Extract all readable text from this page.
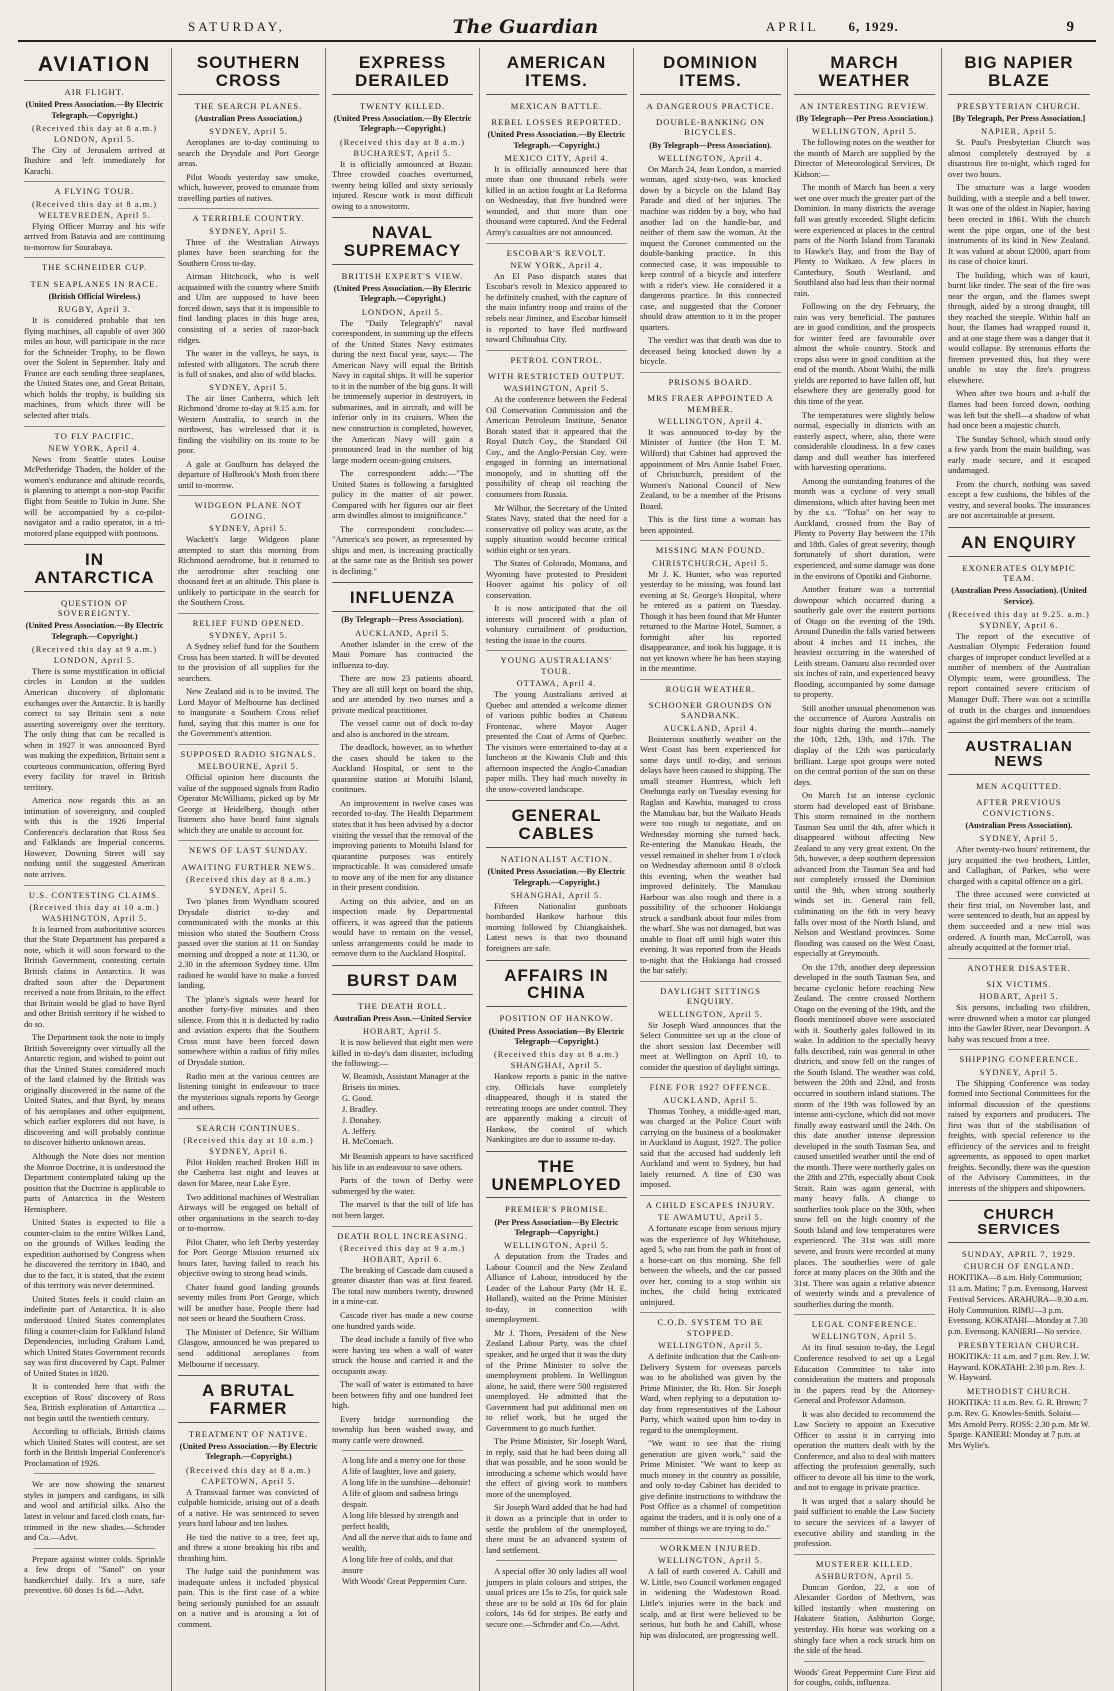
SATURDAY,	The Guardian	APRIL 6, 1929.	9
AVIATION
AIR FLIGHT.
(United Press Association.—By Electric Telegraph.—Copyright.)
(Received this day at 8 a.m.)
LONDON, April 5.

The City of Jerusalem arrived at Bushire and left immediately for Karachi.

A FLYING TOUR.
(Received this day at 8 a.m.)
WELTEVREDEN, April 5.

Flying Officer Murray and his wife arrived from Batavia and are continuing to-morrow for Sourabaya.

THE SCHNEIDER CUP.
TEN SEAPLANES IN RACE.
(British Official Wireless.)
RUGBY, April 3.

It is considered probable that ten flying machines, all capable of over 300 miles an hour, will participate in the race for the Schneider Trophy, to be flown over the Solent in September. Italy and France are each sending three seaplanes, the United States one, and Great Britain, which holds the trophy, is building six machines, from which three will be selected after trials.

TO FLY PACIFIC.
NEW YORK, April 4.

News from Seattle states Louise McPetheridge Thaden, the holder of the women's endurance and altitude records, is planning to attempt a non-stop Pacific flight from Seattle to Tokio in June. She will be accompanied by a co-pilot-navigator and a radio operator, in a tri-motored plane equipped with pontoons.

IN ANTARCTICA
QUESTION OF SOVEREIGNTY.
(United Press Association.—By Electric Telegraph.—Copyright.)
(Received this day at 9 a.m.)
LONDON, April 5.

There is some mystification in official circles in London at the sudden American discovery of diplomatic exchanges over the Antarctic. It is hardly correct to say Britain sent a note asserting sovereignty over the territory. The only thing that can be recalled is when in 1927 it was announced Byrd was making the expedition, Britain sent a courteous communication, offering Byrd every facility for travel in British territory.

America now regards this as an intimation of sovereignty, and coupled with this is the 1926 Imperial Conference's declaration that Ross Sea and Falklands are Imperial concerns. However, Downing Street will say nothing until the suggested American note arrives.

U.S. CONTESTING CLAIMS.
(Received this day at 10 a.m.)
WASHINGTON, April 5.

It is learned from authoritative sources that the State Department has prepared a note, which it will soon forward to the British Government, contesting certain British claims in Antarctica. It was drafted soon after the Department received a note from Britain, to the effect that Britain would be glad to have Byrd and other British territory if he wished to do so.

The Department took the note to imply British Sovereignty over virtually all the Antarctic region, and wished to point out that the United States considered much of the land claimed by the British was originally discovered in the name of the United States, and that Byrd, by means of his aeroplanes and other equipment, which earlier explorers did not have, is discovering and will probably continue to discover hitherto unknown areas.

Although the Note does not mention the Monroe Doctrine, it is understood the Department contemplated taking up the position that the Doctrine is applicable to parts of Antarctica in the Western Hemisphere.

United States is expected to file a counter-claim to the entire Wilkes Land, on the grounds of Wilkes leading the expedition authorised by Congress when he discovered the territory in 1840, and due to the fact, it is stated, that the extent of this territory was never determined.

United States feels it could claim an indefinite part of Antarctica. It is also understood United States contemplates filing a counter-claim for Falkland Island Dependencies, including Graham Land, which United States Government records say was first discovered by Capt. Palmer of United States in 1820.

It is contended here that with the exception of Ross' discovery of Ross Sea, British exploration of Antarctica ... not begin until the twentieth century.

According to officials, British claims which United States will contest, are set forth in the British Imperial Conference's Proclamation of 1926.

We are now showing the smartest styles in jumpers and cardigans, in silk and wool and artificial silks. Also the latest in velour and faced cloth coats, fur-trimmed in the new shades.—Schroder and Co.—Advt.

Prepare against winter colds. Sprinkle a few drops of "Sanol" on your handkerchief daily. It's a sure, safe preventive. 60 doses 1s 6d.—Advt.

SOUTHERN CROSS
THE SEARCH PLANES.
(Australian Press Association.)
SYDNEY, April 5.

Aeroplanes are to-day continuing to search the Drysdale and Port George areas.

Pilot Woods yesterday saw smoke, which, however, proved to emanate from travelling parties of natives.

A TERRIBLE COUNTRY.
SYDNEY, April 5.

Three of the Westralian Airways planes have been searching for the Southern Cross to-day.

Airman Hitchcock, who is well acquainted with the country where Smith and Ulm are supposed to have been forced down, says that it is impossible to find landing places in this huge area, consisting of a series of razor-back ridges.

The water in the valleys, he says, is infested with alligators. The scrub there is full of snakes, and also of wild blacks.

SYDNEY, April 5.

The air liner Canberra, which left Richmond 'drome to-day at 9.15 a.m. for Western Australia, to search in the northwest, has wirelessed that it is finding the visibility on its route to be poor.

A gale at Goulburn has delayed the departure of Holbrook's Moth from there until to-morrow.

WIDGEON PLANE NOT GOING.
SYDNEY, April 5.

Wackett's large Widgeon plane attempted to start this morning from Richmond aerodrome, but it returned to the aerodrome after reaching one thousand feet at an altitude. This plane is unlikely to participate in the search for the Southern Cross.

RELIEF FUND OPENED.
SYDNEY, April 5.

A Sydney relief fund for the Southern Cross has been started. It will be devoted to the provision of all supplies for the searchers.

New Zealand aid is to be invited. The Lord Mayor of Melbourne has declined to inaugurate a Southern Cross relief fund, saying that this matter is one for the Government's attention.

SUPPOSED RADIO SIGNALS.
MELBOURNE, April 5.

Official opinion here discounts the value of the supposed signals from Radio Operator McWilliams, picked up by Mr George at Heidelberg, though other listeners also have heard faint signals which they are unable to account for.

NEWS OF LAST SUNDAY.
AWAITING FURTHER NEWS.
(Received this day at 8 a.m.)
SYDNEY, April 5.

Two 'planes from Wyndham scoured Drysdale district to-day and communicated with the monks at this mission who stated the Southern Cross passed over the station at 11 on Sunday morning and dropped a note at 11.30, or 2.30 in the afternoon Sydney time. Ulm radioed he would have to make a forced landing.

The 'plane's signals were heard for another forty-five minutes and then silence. From this it is deducted by radio and aviation experts that the Southern Cross must have been forced down somewhere within a radius of fifty miles of Drysdale station.

Radio men at the various centres are listening tonight in endeavour to trace the mysterious signals reports by George and others.

SEARCH CONTINUES.
(Received this day at 10 a.m.)
SYDNEY, April 6.

Pilot Holden reached Broken Hill in the Canberra last night and leaves at dawn for Maree, near Lake Eyre.

Two additional machines of Westralian Airways will be engaged on behalf of other organisations in the search to-day or to-morrow.

Pilot Chater, who left Derby yesterday for Port George Mission returned six hours later, having failed to reach his objective owing to strong head winds.

Chater found good landing grounds seventy miles from Port George, which will be another base. People there had not seen or heard the Southern Cross.

The Minister of Defence, Sir William Glasgow, announced he was prepared to send additional aeroplanes from Melbourne if necessary.

A BRUTAL FARMER
TREATMENT OF NATIVE.
(United Press Association.—By Electric Telegraph.—Copyright.)
(Received this day at 8 a.m.)
CAPETOWN, April 5.

A Transvaal farmer was convicted of culpable homicide, arising out of a death of a native. He was sentenced to seven years hard labour and ten lashes.

He tied the native to a tree, feet up, and threw a stone breaking his ribs and thrashing him.

The Judge said the punishment was inadequate unless it included physical pain. This is the first case of a white being seriously punished for an assault on a native and is arousing a lot of comment.

EXPRESS DERAILED
TWENTY KILLED.
(United Press Association.—By Electric Telegraph.—Copyright.)
(Received this day at 8 a.m.)
BUCHAREST, April 5.

It is officially announced at Buzau. Three crowded coaches overturned, twenty being killed and sixty seriously injured. Rescue work is most difficult owing to a snowstorm.

NAVAL SUPREMACY
BRITISH EXPERT'S VIEW.
(United Press Association.—By Electric Telegraph.—Copyright.)
LONDON, April 5.

The "Daily Telegraph's" naval correspondent, in summing up the effects of the United States Navy estimates during the next fiscal year, says:— The American Navy will equal the British Navy in capital ships. It will be superior to it in the number of the big guns. It will be immensely superior in destroyers, in submarines, and in aircraft, and will be inferior only in its cruisers. When the new construction is completed, however, the American Navy will gain a pronounced lead in the number of big large modern ocean-going cruisers.

The correspondent adds:—"The United States is following a farsighted policy in the matter of air power. Compared with her figures our air fleet arm dwindles almost to insignificance."

The correspondent concludes:— "America's sea power, as represented by ships and men, is increasing practically at the same rate as the British sea power is declining."

INFLUENZA
(By Telegraph—Press Association).
AUCKLAND, April 5.

Another islander in the crew of the Maui Pomare has contracted the influenza to-day.

There are now 23 patients aboard. They are all still kept on board the ship, and are attended by two nurses and a private medical practitioner.

The vessel came out of dock to-day and also is anchored in the stream.

The deadlock, however, as to whether the cases should be taken to the Auckland Hospital, or sent to the quarantine station at Motuihi Island, continues.

An improvement in twelve cases was recorded to-day. The Health Department states that it has been advised by a doctor visiting the vessel that the removal of the improving patients to Motuihi Island for quarantine purposes was entirely impracticable. It was considered unsafe to move any of the men for any distance in their present condition.

Acting on this advice, and on an inspection made by Departmental officers, it was agreed that the patients would have to remain on the vessel, unless arrangements could be made to remove them to the Auckland Hospital.

BURST DAM
THE DEATH ROLL.
Australian Press Assn.—United Service
HOBART, April 5.

It is now believed that eight men were killed in to-day's dam disaster, including the following:—

W. Beamish, Assistant Manager at the Briseis tin mines.
G. Good.
J. Bradley.
J. Donahey.
A. Jeffery.
H. McComach.

Mr Beamish appears to have sacrificed his life in an endeavour to save others.

Parts of the town of Derby were submerged by the water.

The marvel is that the toll of life has not been larger.

DEATH ROLL INCREASING.
(Received this day at 9 a.m.)
HOBART, April 6.

The breaking of Cascade dam caused a greater disaster than was at first feared. The total now numbers twenty, drowned in a mine-car.

Cascade river has made a new course one hundred yards wide.

The dead include a family of five who were having tea when a wall of water struck the house and carried it and the occupants away.

The wall of water is estimated to have been between fifty and one hundred feet high.

Every bridge surrounding the township has been washed away, and many cattle were drowned.

A long life and a merry one for those
A life of laughter, love and gaiety,
A long life in the sunshine—debonair!
A life of gloom and sadness brings despair.
A long life blessed by strength and perfect health,
And all the nerve that aids to fame and wealth,
A long life free of colds, and that assure
With Woods' Great Peppermint Cure.
AMERICAN ITEMS.
MEXICAN BATTLE.
REBEL LOSSES REPORTED.
(United Press Association.—By Electric Telegraph.—Copyright.)
MEXICO CITY, April 4.

It is officially announced here that more than one thousand rebels were killed in an action fought at La Reforma on Wednesday, that five hundred were wounded, and that more than one thousand were captured. And the Federal Army's casualties are not announced.

ESCOBAR'S REVOLT.
NEW YORK, April 4.

An El Paso dispatch states that Escobar's revolt in Mexico appeared to be definitely crushed, with the capture of the main infantry troop and trains of the rebels near Jiminez, and Escobar himself is reported to have fled northward toward Chihuahua City.

PETROL CONTROL.
WITH RESTRICTED OUTPUT.
WASHINGTON, April 5.

At the conference between the Federal Oil Conservation Commission and the American Petroleum Institute, Senator Borah stated that it appeared that the Royal Dutch Coy., the Standard Oil Coy., and the Anglo-Persian Coy. were engaged in forming an international monopoly, and in shutting off the possibility of cheap oil reaching the consumers from Russia.

Mr Wilbur, the Secretary of the United States Navy, stated that the need for a conservative oil policy was acute, as the supply situation would become critical within eight or ten years.

The States of Colorado, Montana, and Wyoming have protested to President Hoover against his policy of oil conservation.

It is now anticipated that the oil interests will proceed with a plan of voluntary curtailment of production, testing the issue in the courts.

YOUNG AUSTRALIANS' TOUR.
OTTAWA, April 4.

The young Australians arrived at Quebec and attended a welcome dinner of various public bodies at Chateau Frontenac, where Mayor Auger presented the Coat of Arms of Quebec. The visitors were entertained to-day at a luncheon at the Kiwanis Club and this afternoon inspected the Anglo-Canadian paper mills. They had much novelty in the snow-covered landscape.

GENERAL CABLES
NATIONALIST ACTION.
(United Press Association.—By Electric Telegraph.—Copyright.)
SHANGHAI, April 5.

Fifteen Nationalist gunboats bombarded Hankow harbour this morning followed by Chiangkaishek. Latest news is that two thousand foreigners are safe.

AFFAIRS IN CHINA
POSITION OF HANKOW.
(United Press Association—By Electric Telegraph—Copyright.)
(Received this day at 8 a.m.)
SHANGHAI, April 5.

Hankow reports a panic in the native city. Officials have completely disappeared, though it is stated the retreating troops are under control. They are apparently making a circuit of Hankow, the control of which Nankingites are due to assume to-day.

THE UNEMPLOYED
PREMIER'S PROMISE.
(Per Press Association—By Electric Telegraph—Copyright.)
WELLINGTON, April 5.

A deputation from the Trades and Labour Council and the New Zealand Alliance of Labour, introduced by the Leader of the Labour Party (Mr H. E. Holland), waited on the Prime Minister to-day, in connection with unemployment.

Mr J. Thorn, President of the New Zealand Labour Party, was the chief speaker, and he urged that it was the duty of the Prime Minister to solve the unemployment problem. In Wellington alone, he said, there were 500 registered unemployed. He admitted that the Government had put additional men on to relief work, but he urged the Government to go much further.

The Prime Minister, Sir Joseph Ward, in reply, said that he had been doing all that was possible, and he soon would be introducing a scheme which would have the effect of giving work to numbers more of the unemployed.

Sir Joseph Ward added that he had had it down as a principle that in order to settle the problem of the unemployed, there must be an advanced system of land settlement.

A special offer 30 only ladies all wool jumpers in plain colours and stripes, the usual prices are 15s to 25s, for quick sale these are to be sold at 10s 6d for plain colors, 14s 6d for stripes. Be early and secure one.—Schroder and Co.—Advt.

DOMINION ITEMS.
A DANGEROUS PRACTICE.
DOUBLE-BANKING ON BICYCLES.
(By Telegraph—Press Association).
WELLINGTON, April 4.

On March 24, Jean London, a married woman, aged sixty-two, was knocked down by a bicycle on the Island Bay Parade and died of her injuries. The machine was ridden by a boy, who had another lad on the handle-bar, and neither of them saw the woman. At the inquest the Coroner commented on the double-banking practice. In this connected case, it was impossible to keep control of a bicycle and interfere with a rider's view. He considered it a dangerous practice. In this connected case, and suggested that the Coroner should draw attention to it in the proper quarters.

The verdict was that death was due to deceased being knocked down by a bicycle.

PRISONS BOARD.
MRS FRAER APPOINTED A MEMBER.
WELLINGTON, April 4.

It was announced to-day by the Minister of Justice (the Hon T. M. Wilford) that Cabinet had approved the appointment of Mrs Annie Isabel Fraer, of Christchurch, president of the Women's National Council of New Zealand, to be a member of the Prisons Board.

This is the first time a woman has been appointed.

MISSING MAN FOUND.
CHRISTCHURCH, April 5.

Mr J. K. Hunter, who was reported yesterday to be missing, was found last evening at St. George's Hospital, where he entered as a patient on Tuesday. Though it has been found that Mr Hunter returned to the Marine Hotel, Sumner, a fortnight after his reported disappearance, and took his luggage, it is not yet known where he has been staying in the meantime.

ROUGH WEATHER.
SCHOONER GROUNDS ON SANDBANK.
AUCKLAND, April 4.

Boisterous southerly weather on the West Coast has been experienced for some days until to-day, and serious delays have been caused to shipping. The small steamer Huntress, which left Onehunga early on Tuesday evening for Raglan and Kawhia, managed to cross the Manukau bar, but the Waikato Heads were too rough to negotiate, and on Wednesday morning she turned back. Re-entering the Manukau Heads, the vessel remained in shelter from 1 o'clock on Wednesday afternoon until 8 o'clock this evening, when the weather had improved definitely. The Manukau Harbour was also rough and there is a possibility of the schooner Hokianga struck a sandbank about four miles from the wharf. She was not damaged, but was unable to float off until high water this evening. It was reported from the Heads to-night that the Hokianga had crossed the bar safely.

DAYLIGHT SITTINGS ENQUIRY.
WELLINGTON, April 5.

Sir Joseph Ward announces that the Select Committee set up at the close of the short session last December will meet at Wellington on April 10, to consider the question of daylight sittings.

FINE FOR 1927 OFFENCE.
AUCKLAND, April 5.

Thomas Toohey, a middle-aged man, was charged at the Police Court with carrying on the business of a bookmaker in Auckland in August, 1927. The police said that the accused had suddenly left Auckland and went to Sydney, but had lately returned. A fine of £30 was imposed.

A CHILD ESCAPES INJURY.
TE AWAMUTU, April 5.

A fortunate escape from serious injury was the experience of Joy Whitehouse, aged 5, who ran from the path in front of a horse-cart on this morning. She fell between the wheels, and the car passed over her, coming to a stop within six inches, the child being extricated uninjured.

C.O.D. SYSTEM TO BE STOPPED.
WELLINGTON, April 5.

A definite indication that the Cash-on-Delivery System for overseas parcels was to be abolished was given by the Prime Minister, the Rt. Hon. Sir Joseph Ward, when replying to a deputation to-day from representatives of the Labour Party, which waited upon him to-day in regard to the unemployment.

"We want to see that the rising generation are given work," said the Prime Minister. "We want to keep as much money in the country as possible, and only to-day Cabinet has decided to give definite instructions to withdraw the Post Office as a channel of competition against the traders, and it is only one of a number of things we are trying to do."

WORKMEN INJURED.
WELLINGTON, April 5.

A fall of earth covered A. Cahill and W. Little, two Council workmen engaged in widening the Wadestown Road. Little's injuries were in the back and scalp, and at first were believed to be serious, but both he and Cahill, whose hip was dislocated, are progressing well.

MARCH WEATHER
AN INTERESTING REVIEW.
(By Telegraph—Per Press Association.)
WELLINGTON, April 5.

The following notes on the weather for the month of March are supplied by the Director of Meteorological Services, Dr Kidson:—

The month of March has been a very wet one over much the greater part of the Dominion. In many districts the average fall was greatly exceeded. Slight deficits were experienced at places in the central parts of the North Island from Taranaki to Hawke's Bay, and from the Bay of Plenty to Waikato. A few places in Canterbury, South Westland, and Southland also had less than their normal rain.

Following on the dry February, the rain was very beneficial. The pastures are in good condition, and the prospects for winter feed are favourable over almost the whole country. Stock and crops also were in good condition at the end of the month. About Waihi, the milk yields are reported to have fallen off, but elsewhere they are generally good for this time of the year.

The temperatures were slightly below normal, especially in districts with an easterly aspect, where, also, there were considerable cloudiness. In a few cases damp and dull weather has interfered with harvesting operations.

Among the outstanding features of the month was a cyclone of very small dimensions, which after having been met by the s.s. "Tofua" on her way to Auckland, crossed from the Bay of Plenty to Poverty Bay between the 17th and 18th. Gales of great severity, though fortunately of short duration, were experienced, and some damage was done in the environs of Opotiki and Gisborne.

Another feature was a torrential downpour which occurred during a southerly gale over the eastern portions of Otago on the evening of the 19th. Around Dunedin the falls varied between about 4 inches and 11 inches, the heaviest occurring in the watershed of Leith stream. Oamaru also recorded over six inches of rain, and experienced heavy flooding, accompanied by some damage to property.

Still another unusual phenomenon was the occurrence of Aurora Australis on four nights during the month—namely the 10th, 12th, 13th, and 17th. The display of the 12th was particularly brilliant. Large spot groups were noted on the central portion of the sun on these days.

On March 1st an intense cyclonic storm had developed east of Brisbane. This storm remained in the northern Tasman Sea until the 4th, after which it disappeared without affecting New Zealand to any very great extent. On the 5th, however, a deep southern depression advanced from the Tasman Sea and had not completely crossed the Dominion until the 9th, when strong southerly winds set in. General rain fell, culminating on the 6th in very heavy falls over most of the North Island, and Nelson and Westland provinces. Some flooding was caused on the West Coast, especially at Greymouth.

On the 17th, another deep depression developed in the south Tasman Sea, and became cyclonic before reaching New Zealand. The centre crossed Northern Otago on the evening of the 19th, and the floods mentioned above were associated with it. Southerly gales followed in its wake. In addition to the specially heavy falls described, rain was general in other districts, and snow fell on the ranges of the South Island. The weather was cold, between the 20th and 22nd, and frosts occurred in southern inland stations. The storm of the 19th was followed by an intense anti-cyclone, which did not move finally away eastward until the 24th. On this date another intense depression developed in the south Tasman Sea, and caused unsettled weather until the end of the month. There were northerly gales on the 28th and 27th, especially about Cook Strait. Rain was again general, with many heavy falls. A change to southerlies took place on the 30th, when snow fell on the high country of the South Island and low temperatures were experienced. The 31st was still more severe, and frosts were recorded at many places. The southerlies were of gale force at many places on the 30th and the 31st. There was again a relative absence of westerly winds and a prevalence of southerlies during the month.

LEGAL CONFERENCE.
WELLINGTON, April 5.

At its final session to-day, the Legal Conference resolved to set up a Legal Education Committee to take into consideration the matters and proposals in the papers read by the Attorney-General and Professor Adamson.

It was also decided to recommend the Law Society to appoint an Executive Officer to assist it in carrying into operation the matters dealt with by the Conference, and also to deal with matters affecting the profession generally, such officer to devote all his time to the work, and not to engage in private practice.

It was urged that a salary should be paid sufficient to enable the Law Society to secure the services of a lawyer of executive ability and standing in the profession.

MUSTERER KILLED.
ASHBURTON, April 5.

Duncan Gordon, 22, a son of Alexander Gordon of Methven, was killed instantly when mustering on Hakatere Station, Ashburton Gorge, yesterday. His horse was working on a shingly face when a rock struck him on the side of the head.

Woods' Great Peppermint Cure First aid for coughs, colds, influenza.

BIG NAPIER BLAZE
PRESBYTERIAN CHURCH.
[By Telegraph, Per Press Association.]
NAPIER, April 5.

St. Paul's Presbyterian Church was almost completely destroyed by a disastrous fire to-night, which raged for over two hours.

The structure was a large wooden building, with a steeple and a bell tower. It was one of the oldest in Napier, having been erected in 1861. With the church went the pipe organ, one of the best instruments of its kind in New Zealand. It was valued at about £2000, apart from its case of choice kauri.

The building, which was of kauri, burnt like tinder. The seat of the fire was near the organ, and the flames swept through, aided by a strong draught, till they reached the steeple. Within half an hour, the flames had wrapped round it, and at one stage there was a danger that it would collapse. By strenuous efforts the firemen prevented this, but they were unable to stay the fire's progress elsewhere.

When after two hours and a-half the flames had been forced down, nothing was left but the shell—a shadow of what had once been a majestic church.

The Sunday School, which stood only a few yards from the main building, was early made secure, and it escaped undamaged.

From the church, nothing was saved except a few cushions, the bibles of the vestry, and several books. The insurances are not ascertainable at present.

AN ENQUIRY
EXONERATES OLYMPIC TEAM.
(Australian Press Association). (United Service).
(Received this day at 9.25. a.m.)
SYDNEY, April 6.

The report of the executive of Australian Olympic Federation found charges of improper conduct levelled at a number of members of the Australian Olympic team, were groundless. The report contained severe criticism of Manager Duff. There was not a scintilla of truth in the charges and innuendoes against the girl members of the team.

AUSTRALIAN NEWS
MEN ACQUITTED.
AFTER PREVIOUS CONVICTIONS.
(Australian Press Association).
SYDNEY, April 5.

After twenty-two hours' retirement, the jury acquitted the two brothers, Littler, and Callaghan, of Parkes, who were charged with a capital offence on a girl.

The three accused were convicted at their first trial, on November last, and were sentenced to death, but an appeal by them succeeded and a new trial was ordered. A fourth man, McCarroll, was already acquitted at the former trial.

ANOTHER DISASTER.
SIX VICTIMS.
HOBART, April 5.

Six persons, including two children, were drowned when a motor car plunged into the Gawler River, near Devonport. A baby was rescued from a tree.

SHIPPING CONFERENCE.
SYDNEY, April 5.

The Shipping Conference was today formed into Sectional Committees for the informal discussion of the questions raised by exporters and producers. The first was that of the stabilisation of freights, with special reference to the efficiency of the services and to freight agreements, as opposed to open market freights. Secondly, there was the question of the Advisory Committees, in the interests of the shippers and shipowners.

CHURCH SERVICES
SUNDAY, APRIL 7, 1929.
CHURCH OF ENGLAND.
HOKITIKA—8 a.m. Holy Communion; 11 a.m. Matins; 7 p.m. Evensong, Harvest Festival Services. ARAHURA—9.30 a.m. Holy Communion. RIMU—3 p.m. Evensong. KOKATAHI—Monday at 7.30 p.m. Evensong. KANIERI—No service.
PRESBYTERIAN CHURCH.
HOKITIKA: 11 a.m. and 7 p.m. Rev. J. W. Hayward. KOKATAHI: 2.30 p.m. Rev. J. W. Hayward.
METHODIST CHURCH.
HOKITIKA: 11 a.m. Rev. G. R. Brown; 7 p.m. Rev. G. Knowles-Smith. Soloist—Mrs Arnold Perry. ROSS: 2.30 p.m. Mr W. Sparge. KANIERI: Monday at 7 p.m. at Mrs Wylie's.
